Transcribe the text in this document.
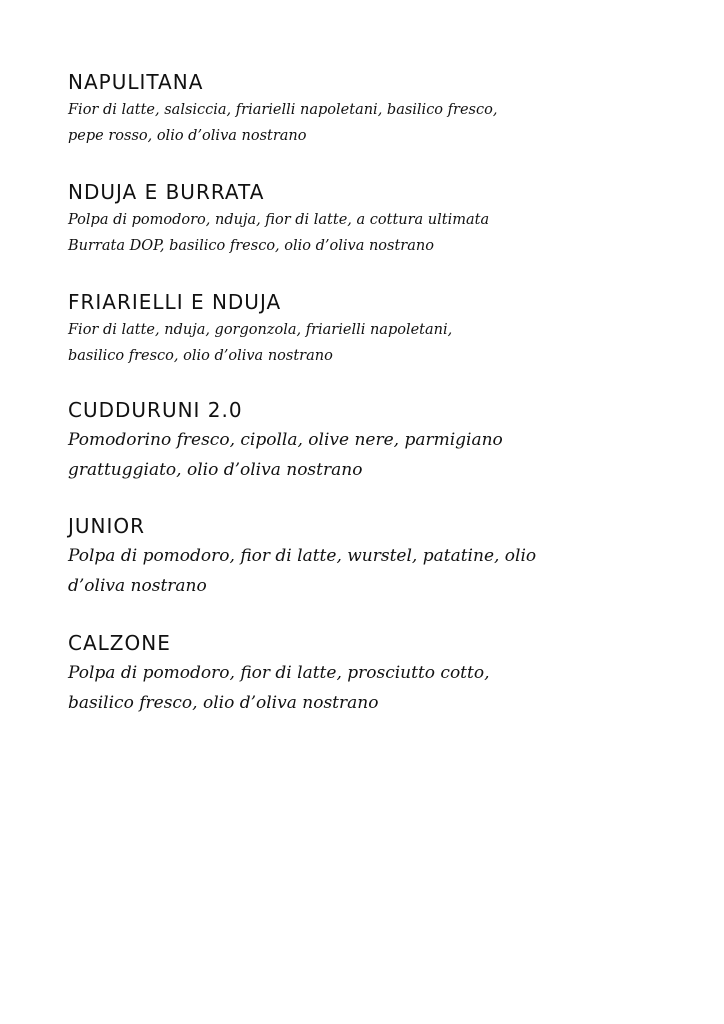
NAPULITANA

Fior di latte, salsiccia, friarielli napoletani, basilico fresco,

pepe rosso, olio d’oliva nostrano

NDUJA E BURRATA

Polpa di pomodoro, nduja, fior di latte, a cottura ultimata

Burrata DOP, basilico fresco, olio d’oliva nostrano

FRIARIELLI E NDUJA

Fior di latte, nduja, gorgonzola, friarielli napoletani,

basilico fresco, olio d’oliva nostrano

CUDDURUNI 2.0

Pomodorino fresco, cipolla, olive nere, parmigiano

grattuggiato, olio d’oliva nostrano

JUNIOR

Polpa di pomodoro, fior di latte, wurstel, patatine, olio

d’oliva nostrano

CALZONE

Polpa di pomodoro, fior di latte, prosciutto cotto,

basilico fresco, olio d’oliva nostrano
